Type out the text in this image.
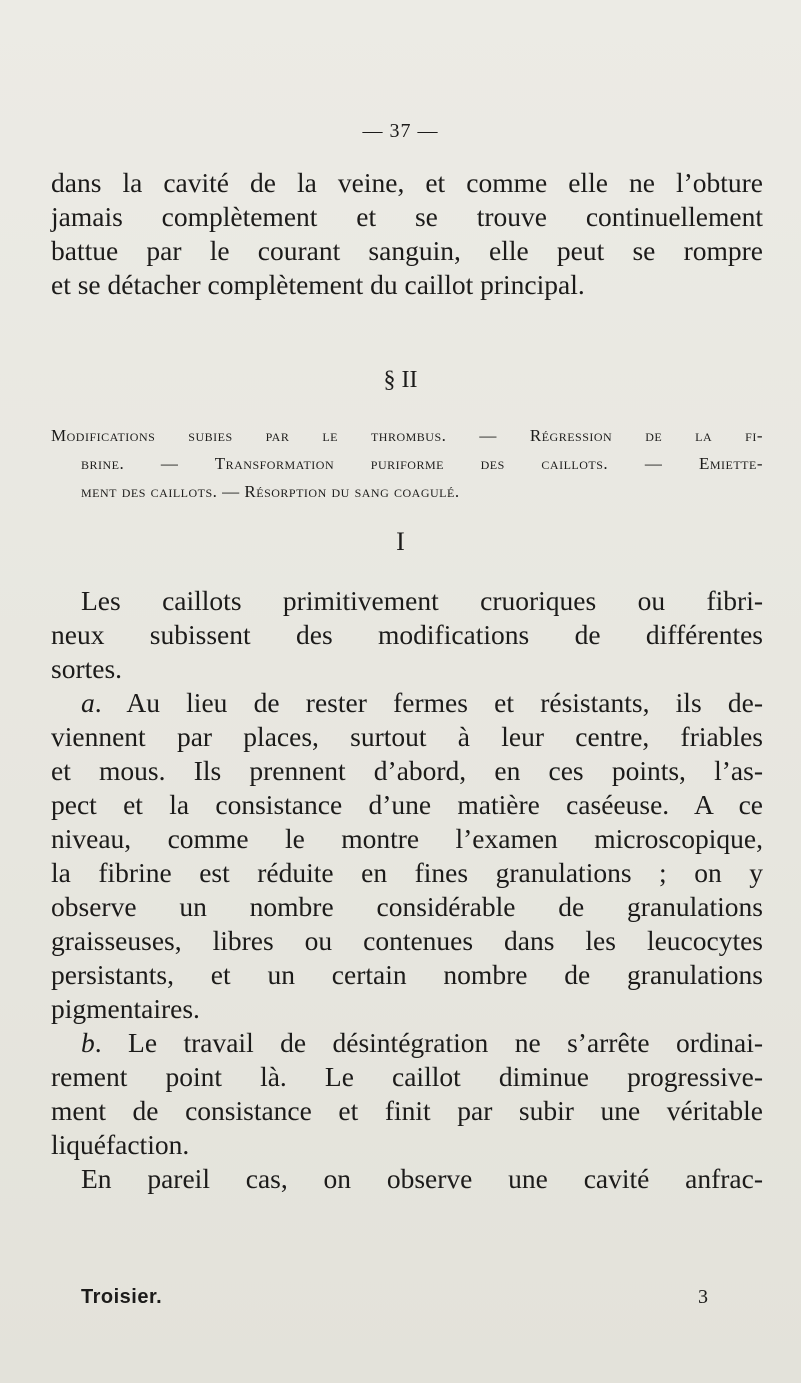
— 37 —
dans la cavité de la veine, et comme elle ne l’obture
jamais complètement et se trouve continuellement
battue par le courant sanguin, elle peut se rompre
et se détacher complètement du caillot principal.
§ II
Modifications subies par le thrombus. — Régression de la fi-
brine. — Transformation puriforme des caillots. — Emiette-
ment des caillots. — Résorption du sang coagulé.
I
Les caillots primitivement cruoriques ou fibri-
neux subissent des modifications de différentes
sortes.
a. Au lieu de rester fermes et résistants, ils de-
viennent par places, surtout à leur centre, friables
et mous. Ils prennent d’abord, en ces points, l’as-
pect et la consistance d’une matière caséeuse. A ce
niveau, comme le montre l’examen microscopique,
la fibrine est réduite en fines granulations ; on y
observe un nombre considérable de granulations
graisseuses, libres ou contenues dans les leucocytes
persistants, et un certain nombre de granulations
pigmentaires.
b. Le travail de désintégration ne s’arrête ordinai-
rement point là. Le caillot diminue progressive-
ment de consistance et finit par subir une véritable
liquéfaction.
En pareil cas, on observe une cavité anfrac-
Troisier.	3
